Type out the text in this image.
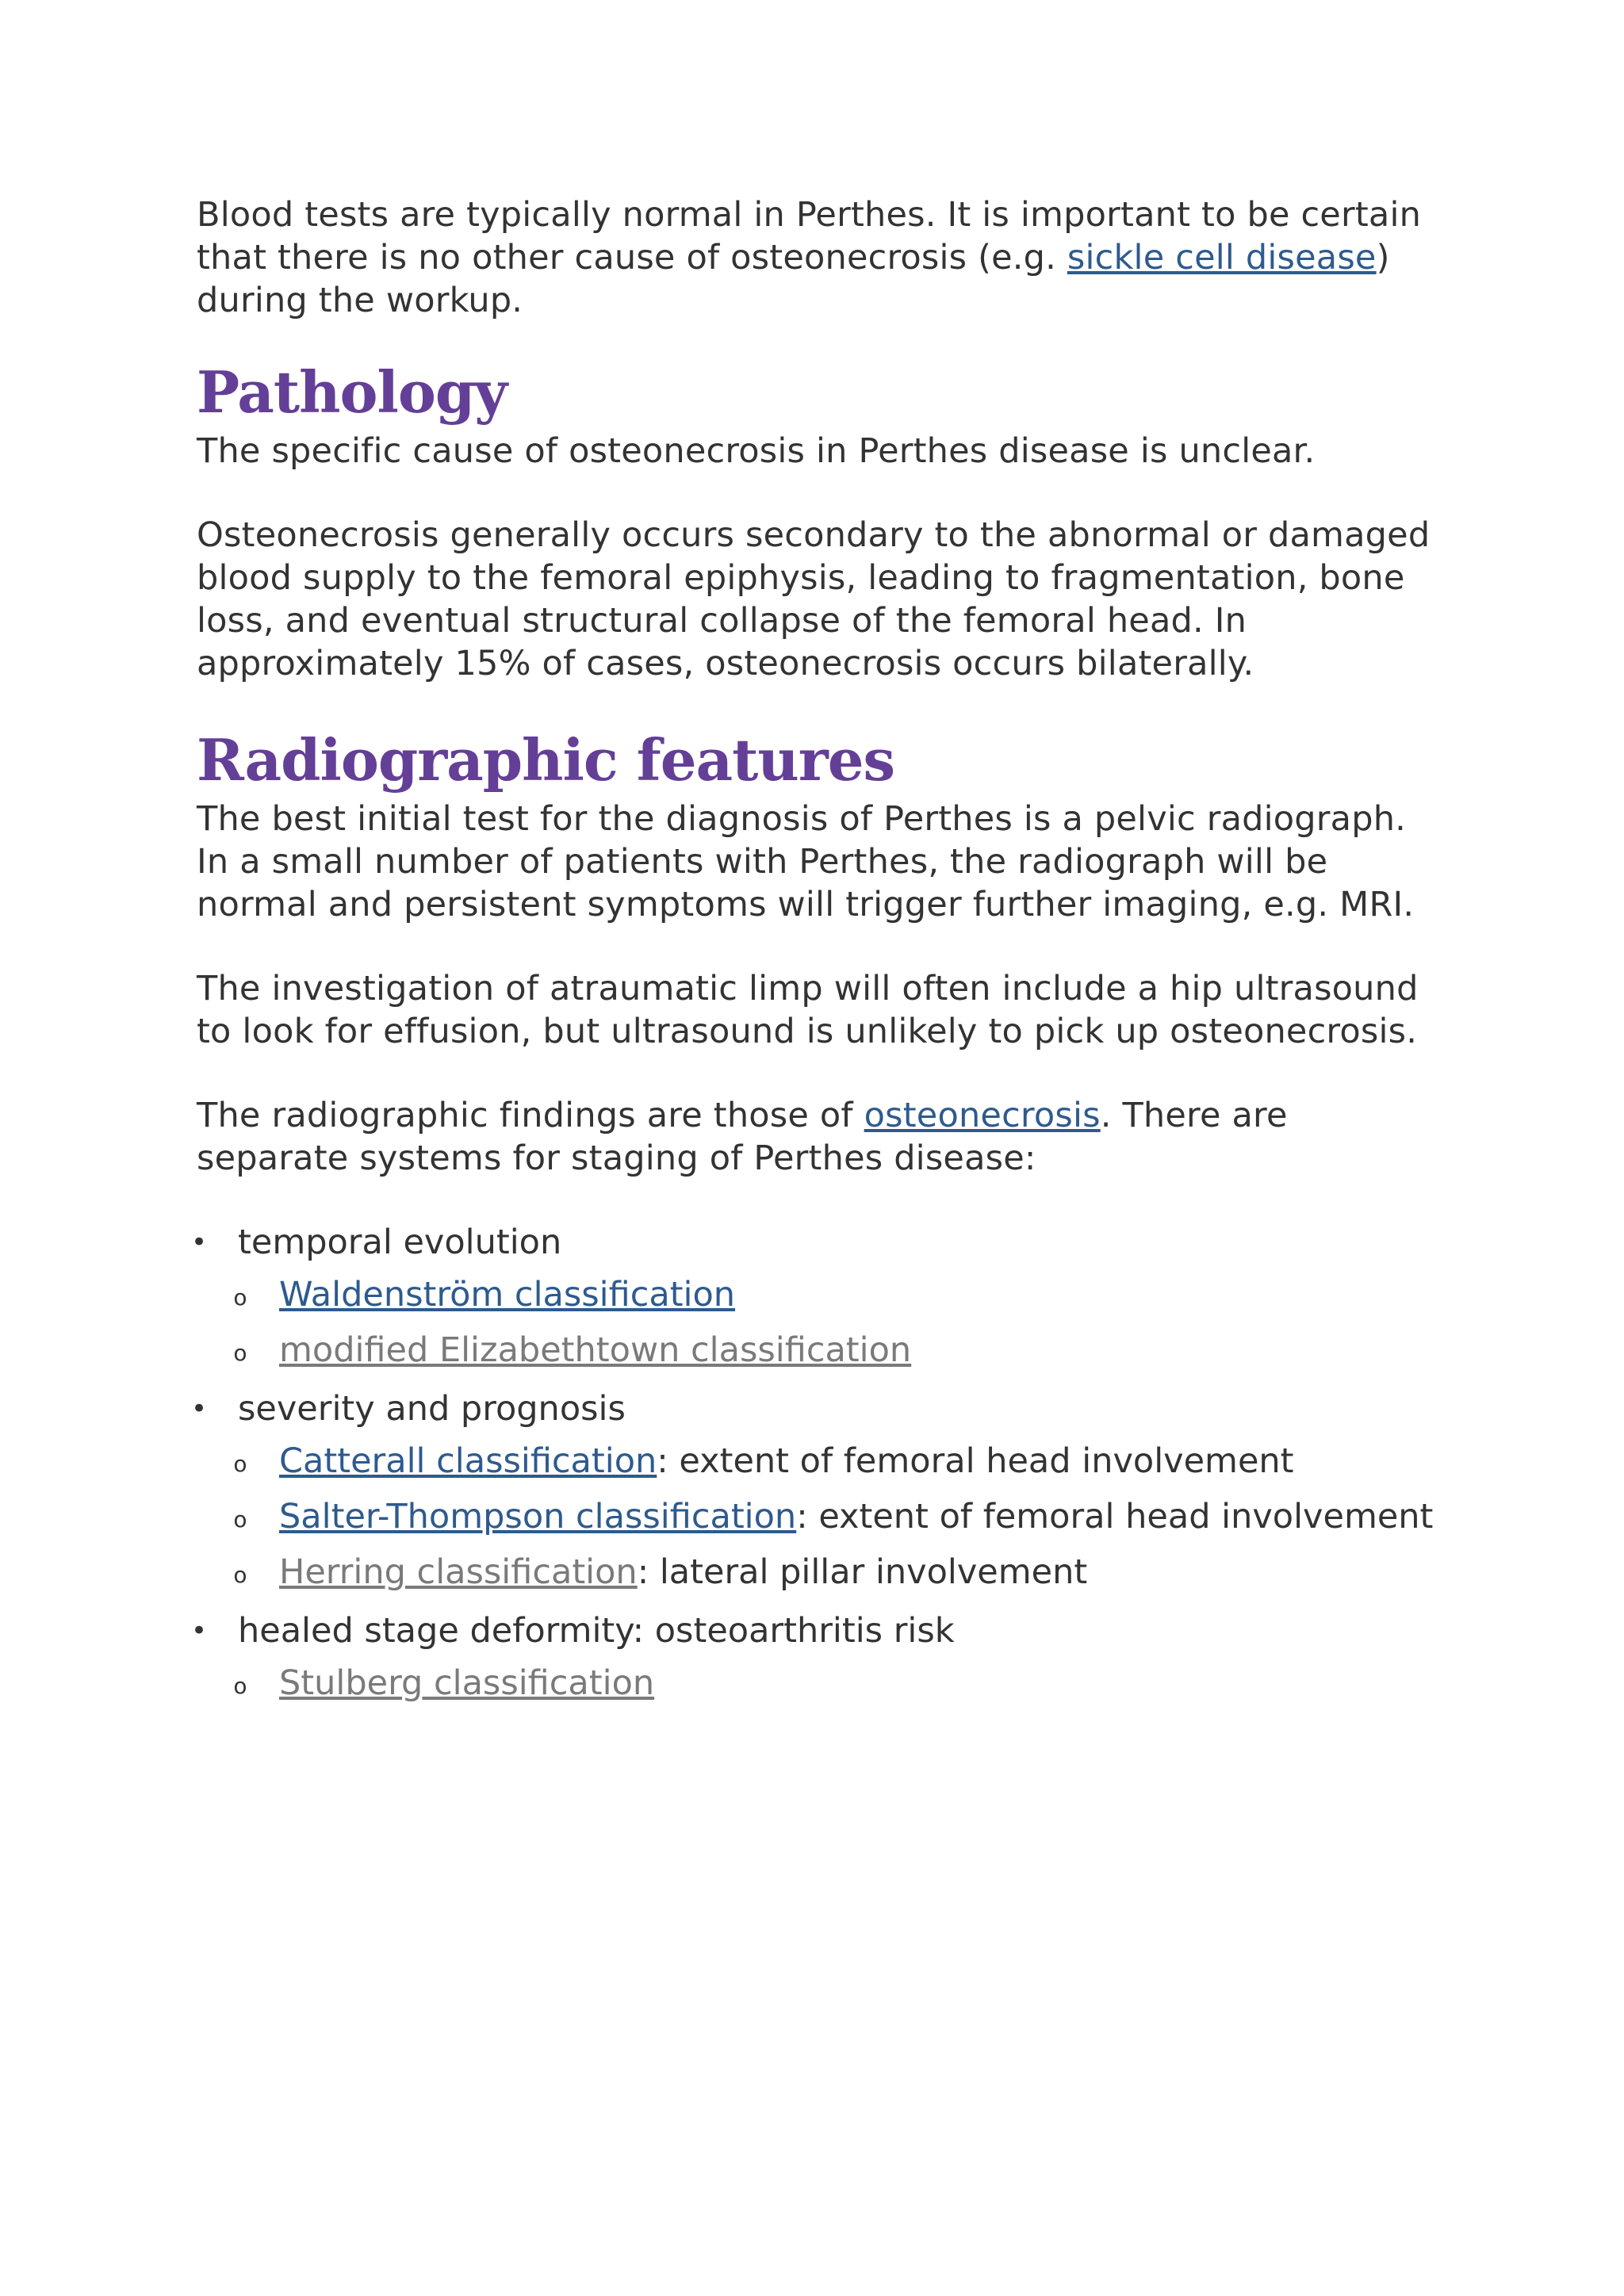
Blood tests are typically normal in Perthes. It is important to be certain that there is no other cause of osteonecrosis (e.g. sickle cell disease) during the workup.

Pathology

The specific cause of osteonecrosis in Perthes disease is unclear.

Osteonecrosis generally occurs secondary to the abnormal or damaged blood supply to the femoral epiphysis, leading to fragmentation, bone loss, and eventual structural collapse of the femoral head. In approximately 15% of cases, osteonecrosis occurs bilaterally.

Radiographic features

The best initial test for the diagnosis of Perthes is a pelvic radiograph. In a small number of patients with Perthes, the radiograph will be normal and persistent symptoms will trigger further imaging, e.g. MRI.

The investigation of atraumatic limp will often include a hip ultrasound to look for effusion, but ultrasound is unlikely to pick up osteonecrosis.

The radiographic findings are those of osteonecrosis. There are separate systems for staging of Perthes disease:

• temporal evolution
o Waldenström classification
o modified Elizabethtown classification
• severity and prognosis
o Catterall classification: extent of femoral head involvement
o Salter-Thompson classification: extent of femoral head involvement
o Herring classification: lateral pillar involvement
• healed stage deformity: osteoarthritis risk
o Stulberg classification
